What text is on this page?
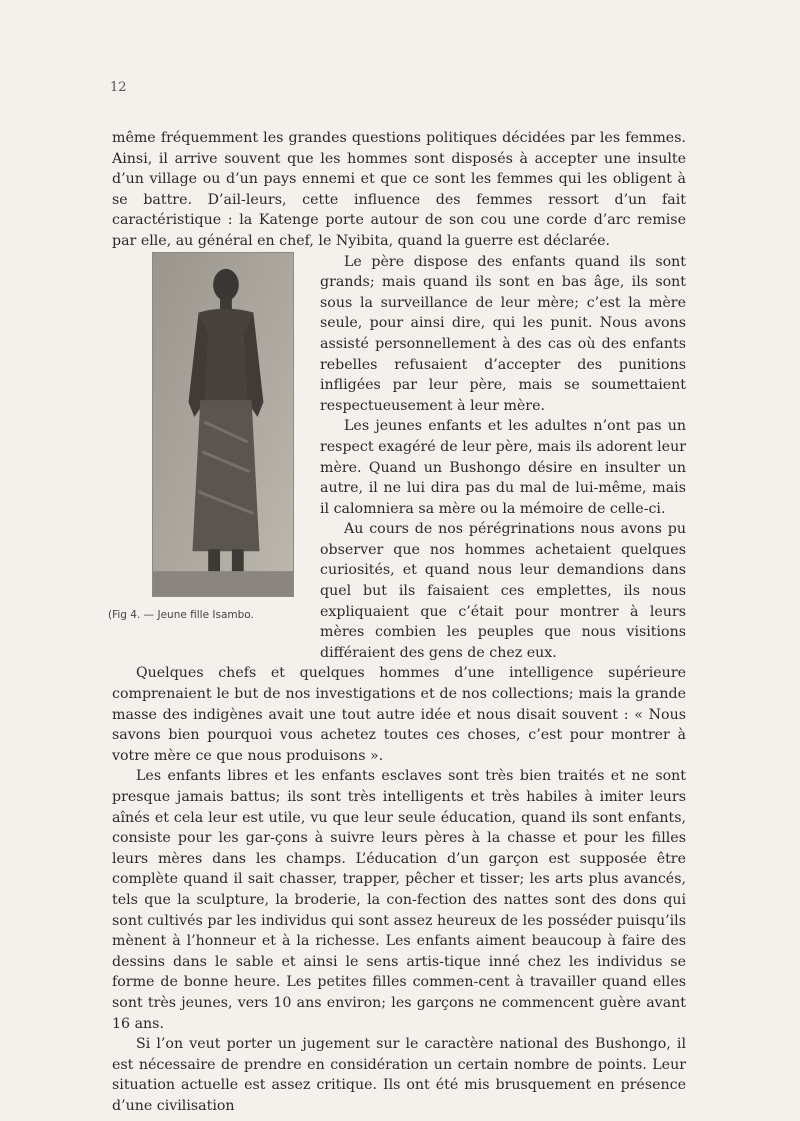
12

même fréquemment les grandes questions politiques décidées par les femmes. Ainsi, il arrive souvent que les hommes sont disposés à accepter une insulte d’un village ou d’un pays ennemi et que ce sont les femmes qui les obligent à se battre. D’ail-leurs, cette influence des femmes ressort d’un fait caractéristique : la Katenge porte autour de son cou une corde d’arc remise par elle, au général en chef, le Nyibita, quand la guerre est déclarée.

(Fig 4. — Jeune fille Isambo.

Le père dispose des enfants quand ils sont grands; mais quand ils sont en bas âge, ils sont sous la surveillance de leur mère; c’est la mère seule, pour ainsi dire, qui les punit. Nous avons assisté personnellement à des cas où des enfants rebelles refusaient d’accepter des punitions infligées par leur père, mais se soumettaient respectueusement à leur mère.

Les jeunes enfants et les adultes n’ont pas un respect exagéré de leur père, mais ils adorent leur mère. Quand un Bushongo désire en insulter un autre, il ne lui dira pas du mal de lui-même, mais il calomniera sa mère ou la mémoire de celle-ci.

Au cours de nos pérégrinations nous avons pu observer que nos hommes achetaient quelques curiosités, et quand nous leur demandions dans quel but ils faisaient ces emplettes, ils nous expliquaient que c’était pour montrer à leurs mères combien les peuples que nous visitions différaient des gens de chez eux.

Quelques chefs et quelques hommes d’une intelligence supérieure comprenaient le but de nos investigations et de nos collections; mais la grande masse des indigènes avait une tout autre idée et nous disait souvent : « Nous savons bien pourquoi vous achetez toutes ces choses, c’est pour montrer à votre mère ce que nous produisons ».

Les enfants libres et les enfants esclaves sont très bien traités et ne sont presque jamais battus; ils sont très intelligents et très habiles à imiter leurs aînés et cela leur est utile, vu que leur seule éducation, quand ils sont enfants, consiste pour les gar-çons à suivre leurs pères à la chasse et pour les filles leurs mères dans les champs. L’éducation d’un garçon est supposée être complète quand il sait chasser, trapper, pêcher et tisser; les arts plus avancés, tels que la sculpture, la broderie, la con-fection des nattes sont des dons qui sont cultivés par les individus qui sont assez heureux de les posséder puisqu’ils mènent à l’honneur et à la richesse. Les enfants aiment beaucoup à faire des dessins dans le sable et ainsi le sens artis-tique inné chez les individus se forme de bonne heure. Les petites filles commen-cent à travailler quand elles sont très jeunes, vers 10 ans environ; les garçons ne commencent guère avant 16 ans.

Si l’on veut porter un jugement sur le caractère national des Bushongo, il est nécessaire de prendre en considération un certain nombre de points. Leur situation actuelle est assez critique. Ils ont été mis brusquement en présence d’une civilisation
